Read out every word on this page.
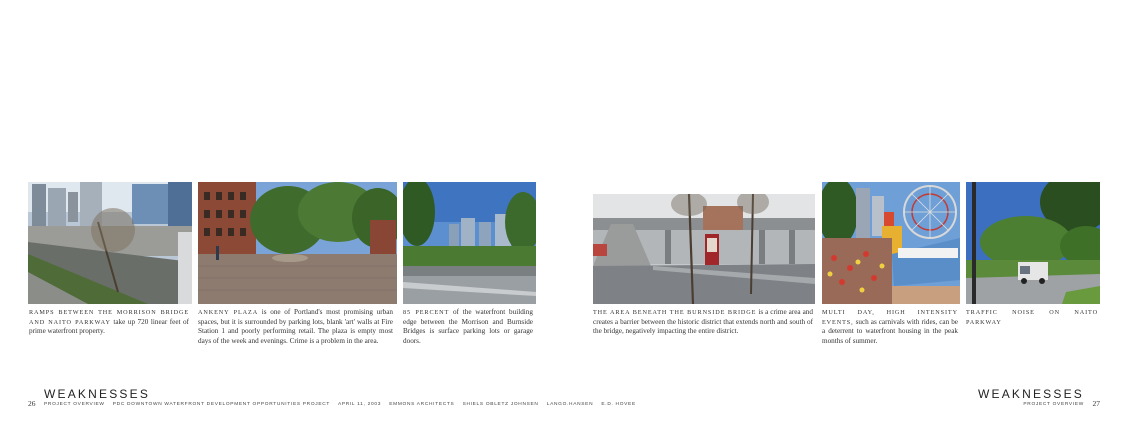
RAMPS BETWEEN THE MORRISON BRIDGE AND NAITO PARKWAY take up 720 linear feet of prime waterfront property.
ANKENY PLAZA is one of Portland's most promising urban spaces, but it is surrounded by parking lots, blank 'art' walls at Fire Station 1 and poorly performing retail. The plaza is empty most days of the week and evenings. Crime is a problem in the area.
85 PERCENT of the waterfront building edge between the Morrison and Burnside Bridges is surface parking lots or garage doors.
WEAKNESSES
26 PROJECT OVERVIEW PDC DOWNTOWN WATERFRONT DEVELOPMENT OPPORTUNITIES PROJECT APRIL 11, 2003 EMMONS ARCHITECTS SHIELS OBLETZ JOHNSEN LANGO.HANSEN E.D. HOVEE
THE AREA BENEATH THE BURNSIDE BRIDGE is a crime area and creates a barrier between the historic district that extends north and south of the bridge, negatively impacting the entire district.
MULTI DAY, HIGH INTENSITY EVENTS, such as carnivals with rides, can be a deterrent to waterfront housing in the peak months of summer.
TRAFFIC NOISE ON NAITO PARKWAY
WEAKNESSES
PROJECT OVERVIEW 27
